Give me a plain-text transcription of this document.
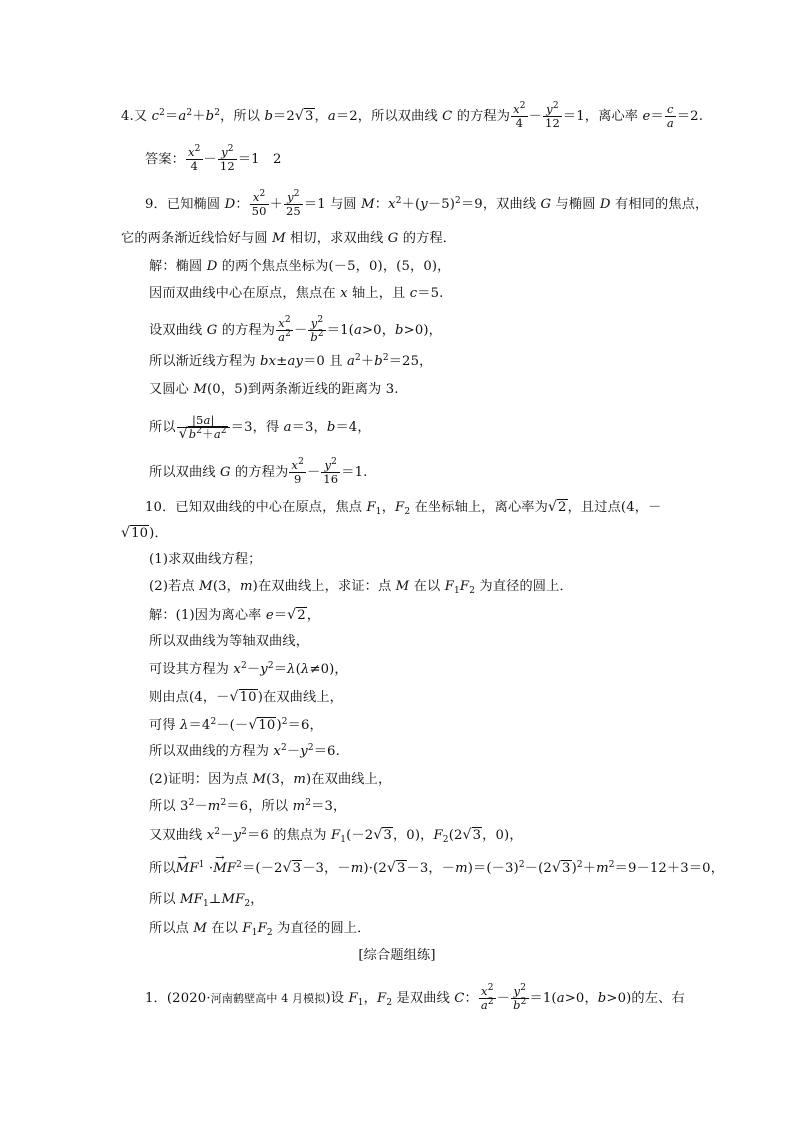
4.又 $c^2=a^2+b^2$，所以 b＝2√3，a＝2，所以双曲线 C 的方程为 $\frac{x^2}{4} - \frac{y^2}{12} =1$，离心率 $e= \frac{c}{a} =2$.
答案： $\frac{x^2}{4} - \frac{y^2}{12} =1$　2
9．已知椭圆 D： $\frac{x^2}{50} + \frac{y^2}{25} =1$ 与圆 M：$x^2+(y-5)^2=9$，双曲线 G 与椭圆 D 有相同的焦点，
它的两条渐近线恰好与圆 M 相切，求双曲线 G 的方程．
解：椭圆 D 的两个焦点坐标为(－5，0)，(5，0)，
因而双曲线中心在原点，焦点在 x 轴上，且 c＝5.
设双曲线 G 的方程为 $\frac{x^2}{a^2} - \frac{y^2}{b^2} =1(a>0$，b>0)，
所以渐近线方程为 bx±ay＝0 且 $a^2+b^2=25$，
又圆心 M(0，5)到两条渐近线的距离为 3.
所以 $\frac{|5a|}{√b^2+a^2} =3$，得 a＝3，b＝4，
所以双曲线 G 的方程为 $\frac{x^2}{9} - \frac{y^2}{16} =1$.
10．已知双曲线的中心在原点，焦点 $F_1$，$F_2$ 在坐标轴上，离心率为√2，且过点(4，－
√10)．
(1)求双曲线方程；
(2)若点 M(3，m)在双曲线上，求证：点 M 在以 $F_1F_2$ 为直径的圆上．
解：(1)因为离心率 e＝√2，
所以双曲线为等轴双曲线，
可设其方程为 $x^2-y^2=\lambda(\lambda\ne 0)$，
则由点(4，－√10)在双曲线上，
可得 $\lambda=4^2-(-√10)^2=6$，
所以双曲线的方程为 $x^2-y^2=6$.
(2)证明：因为点 M(3，m)在双曲线上，
所以 $3^2-m^2=6$，所以 $m^2=3$，
又双曲线 $x^2-y^2=6$ 的焦点为 $F_1(-2√3$，0)，$F_2(2√3$，0)，
所以→ $MF^1 \cdot\to MF^2=(-2√3-3$，－m)·(2√3－3，$-m)=(-3)^2-(2√3)^2+m^2=9-12+3=0$，
所以 $MF_1\perp MF_2$，
所以点 M 在以 $F_1F_2$ 为直径的圆上．
[综合题组练]
1．(2020·河南鹤壁高中 4 月模拟)设 $F_1$，$F_2$ 是双曲线 C： $\frac{x^2}{a^2} - \frac{y^2}{b^2} =1(a>0$，b>0)的左、右
